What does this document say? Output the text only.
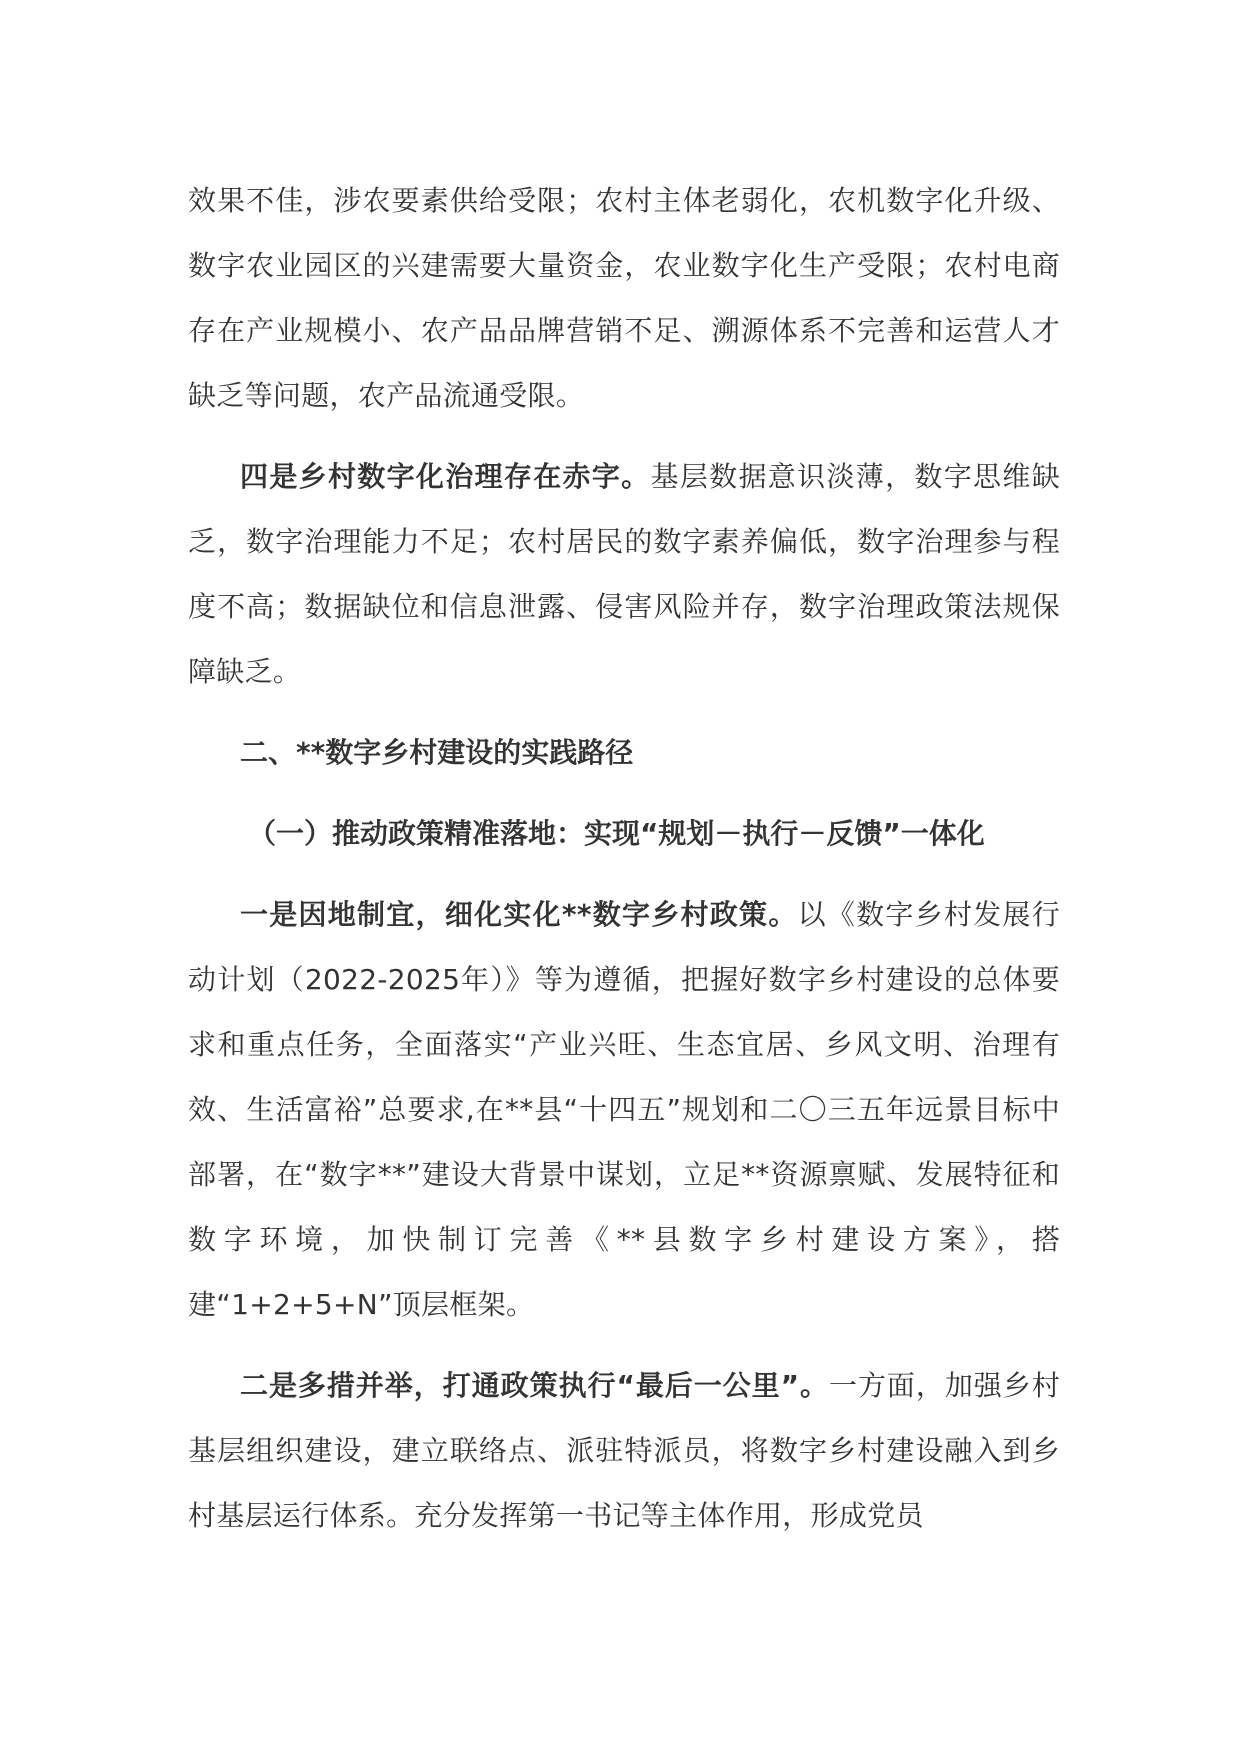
效果不佳，涉农要素供给受限；农村主体老弱化，农机数字化升级、数字农业园区的兴建需要大量资金，农业数字化生产受限；农村电商存在产业规模小、农产品品牌营销不足、溯源体系不完善和运营人才缺乏等问题，农产品流通受限。

四是乡村数字化治理存在赤字。基层数据意识淡薄，数字思维缺乏，数字治理能力不足；农村居民的数字素养偏低，数字治理参与程度不高；数据缺位和信息泄露、侵害风险并存，数字治理政策法规保障缺乏。

二、**数字乡村建设的实践路径

（一）推动政策精准落地：实现“规划－执行－反馈”一体化

一是因地制宜，细化实化**数字乡村政策。以《数字乡村发展行动计划（2022-2025年）》等为遵循，把握好数字乡村建设的总体要求和重点任务，全面落实“产业兴旺、生态宜居、乡风文明、治理有效、生活富裕”总要求,在**县“十四五”规划和二〇三五年远景目标中部署，在“数字**”建设大背景中谋划，立足**资源禀赋、发展特征和数字环境，加快制订完善《**县数字乡村建设方案》，搭建“1+2+5+N”顶层框架。

二是多措并举，打通政策执行“最后一公里”。一方面，加强乡村基层组织建设，建立联络点、派驻特派员，将数字乡村建设融入到乡村基层运行体系。充分发挥第一书记等主体作用，形成党员
